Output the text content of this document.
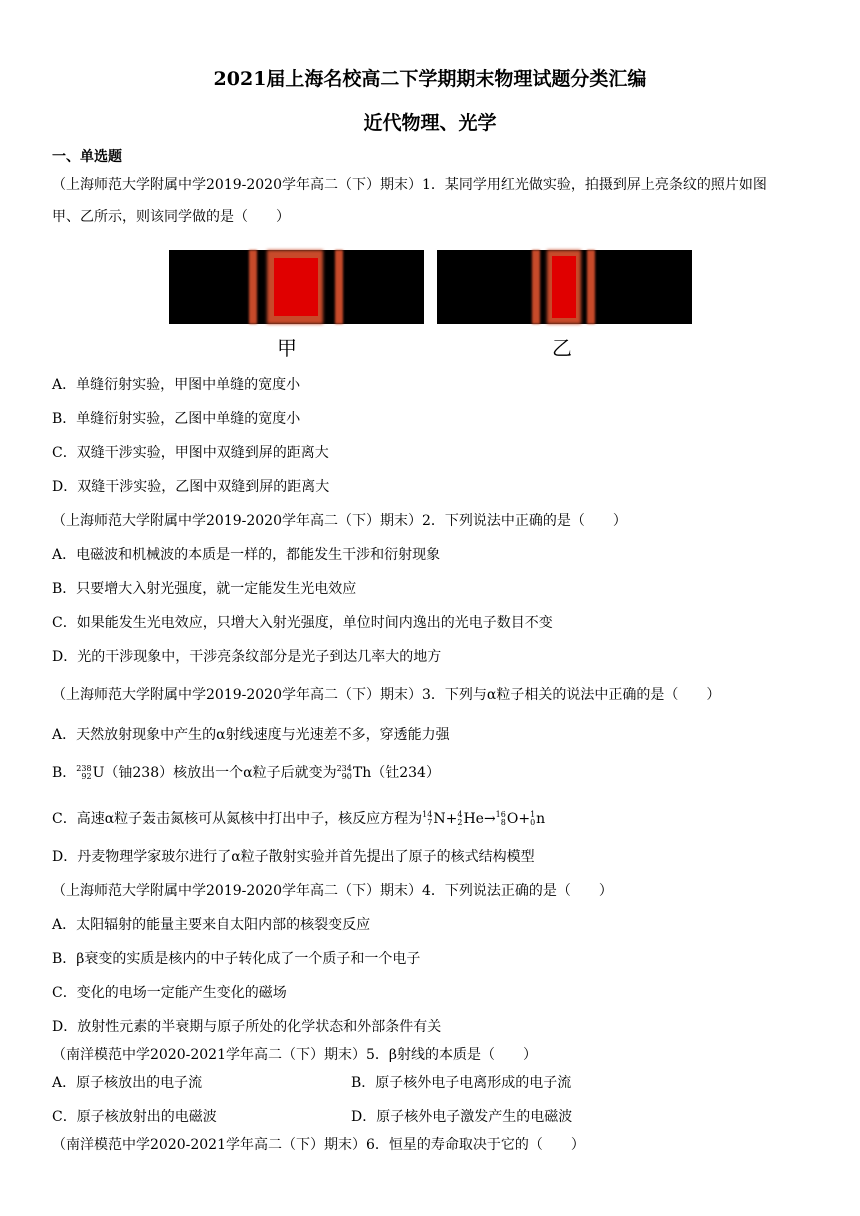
2021届上海名校高二下学期期末物理试题分类汇编
近代物理、光学
一、单选题
（上海师范大学附属中学2019-2020学年高二（下）期末）1．某同学用红光做实验，拍摄到屏上亮条纹的照片如图
甲、乙所示，则该同学做的是（　　）
甲	乙
A．单缝衍射实验，甲图中单缝的宽度小
B．单缝衍射实验，乙图中单缝的宽度小
C．双缝干涉实验，甲图中双缝到屏的距离大
D．双缝干涉实验，乙图中双缝到屏的距离大
（上海师范大学附属中学2019-2020学年高二（下）期末）2．下列说法中正确的是（　　）
A．电磁波和机械波的本质是一样的，都能发生干涉和衍射现象
B．只要增大入射光强度，就一定能发生光电效应
C．如果能发生光电效应，只增大入射光强度，单位时间内逸出的光电子数目不变
D．光的干涉现象中，干涉亮条纹部分是光子到达几率大的地方
（上海师范大学附属中学2019-2020学年高二（下）期末）3．下列与α粒子相关的说法中正确的是（　　）
A．天然放射现象中产生的α射线速度与光速差不多，穿透能力强
B． 238
92 U（铀238）核放出一个α粒子后就变为 234
90 Th（钍234）
C．高速α粒子轰击氮核可从氮核中打出中子，核反应方程为 14
7 N+ 4
2 He→ 16
8 O+ 1
0 n
D．丹麦物理学家玻尔进行了α粒子散射实验并首先提出了原子的核式结构模型
（上海师范大学附属中学2019-2020学年高二（下）期末）4．下列说法正确的是（　　）
A．太阳辐射的能量主要来自太阳内部的核裂变反应
B．β衰变的实质是核内的中子转化成了一个质子和一个电子
C．变化的电场一定能产生变化的磁场
D．放射性元素的半衰期与原子所处的化学状态和外部条件有关
（南洋模范中学2020-2021学年高二（下）期末）5．β射线的本质是（　　）
A．原子核放出的电子流	B．原子核外电子电离形成的电子流
C．原子核放射出的电磁波	D．原子核外电子激发产生的电磁波
（南洋模范中学2020-2021学年高二（下）期末）6．恒星的寿命取决于它的（　　）
